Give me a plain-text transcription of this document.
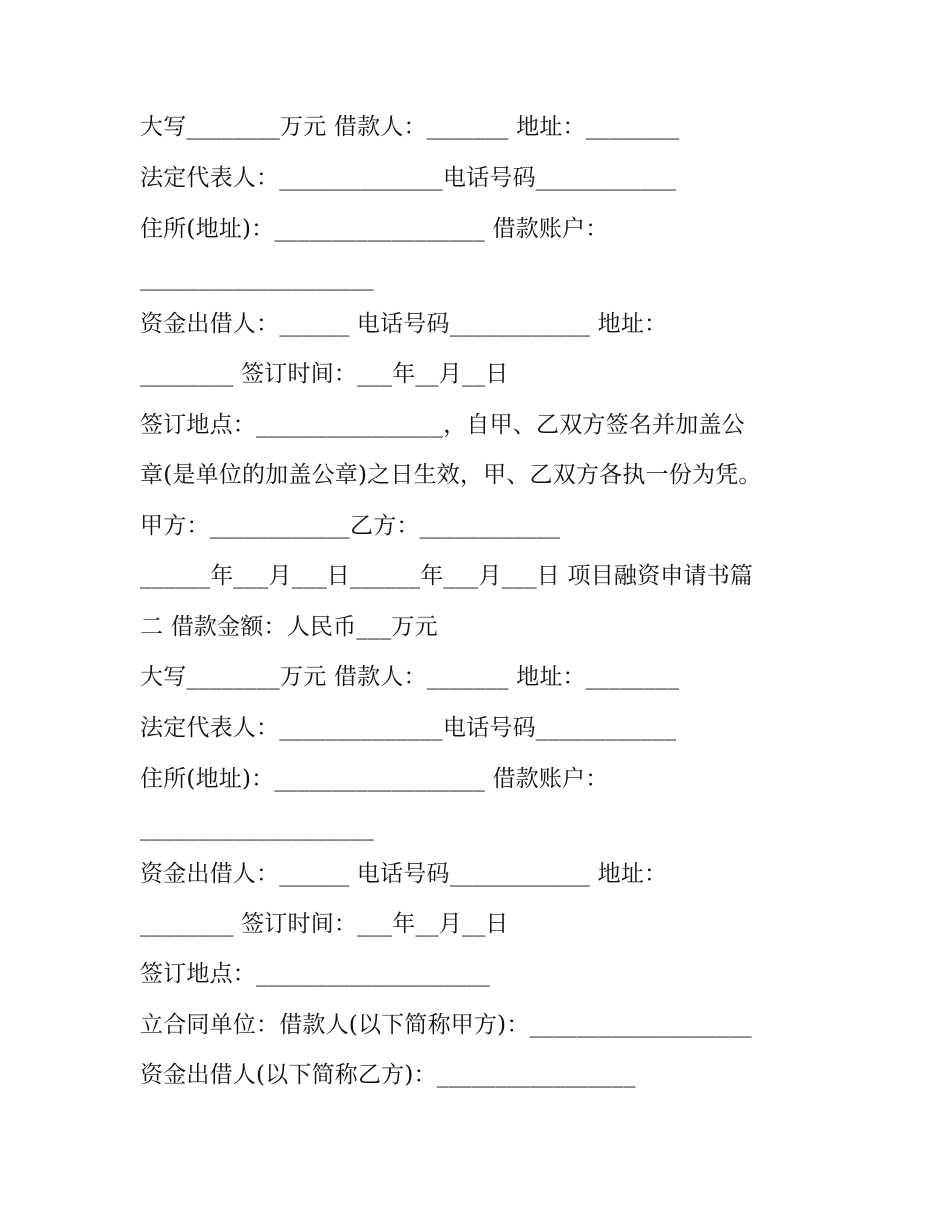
大写________万元 借款人：_______ 地址：________
法定代表人：______________电话号码____________
住所(地址)：__________________ 借款账户：
____________________
资金出借人：______ 电话号码____________ 地址：
________ 签订时间：___年__月__日
签订地点：________________，自甲、乙双方签名并加盖公
章(是单位的加盖公章)之日生效，甲、乙双方各执一份为凭。
甲方：____________乙方：____________
______年___月___日______年___月___日 项目融资申请书篇
二 借款金额：人民币___万元
大写________万元 借款人：_______ 地址：________
法定代表人：______________电话号码____________
住所(地址)：__________________ 借款账户：
____________________
资金出借人：______ 电话号码____________ 地址：
________ 签订时间：___年__月__日
签订地点：____________________
立合同单位：借款人(以下简称甲方)：___________________
资金出借人(以下简称乙方)：_________________
